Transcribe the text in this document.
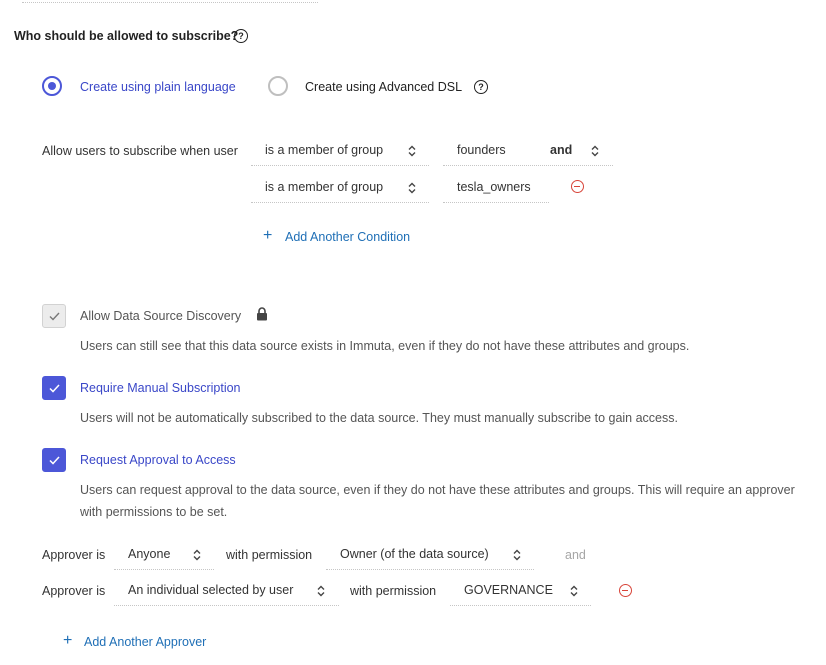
Who should be allowed to subscribe? ?
Create using plain language	Create using Advanced DSL	?
Allow users to subscribe when user is a member of group	founders	and
is a member of group	tesla_owners
+ Add Another Condition
Allow Data Source Discovery
Users can still see that this data source exists in Immuta, even if they do not have these attributes and groups.
Require Manual Subscription
Users will not be automatically subscribed to the data source. They must manually subscribe to gain access.
Request Approval to Access
Users can request approval to the data source, even if they do not have these attributes and groups. This will require an approver
with permissions to be set.
Approver is Anyone	with permission Owner (of the data source)	and
Approver is An individual selected by user	with permission GOVERNANCE
+ Add Another Approver
